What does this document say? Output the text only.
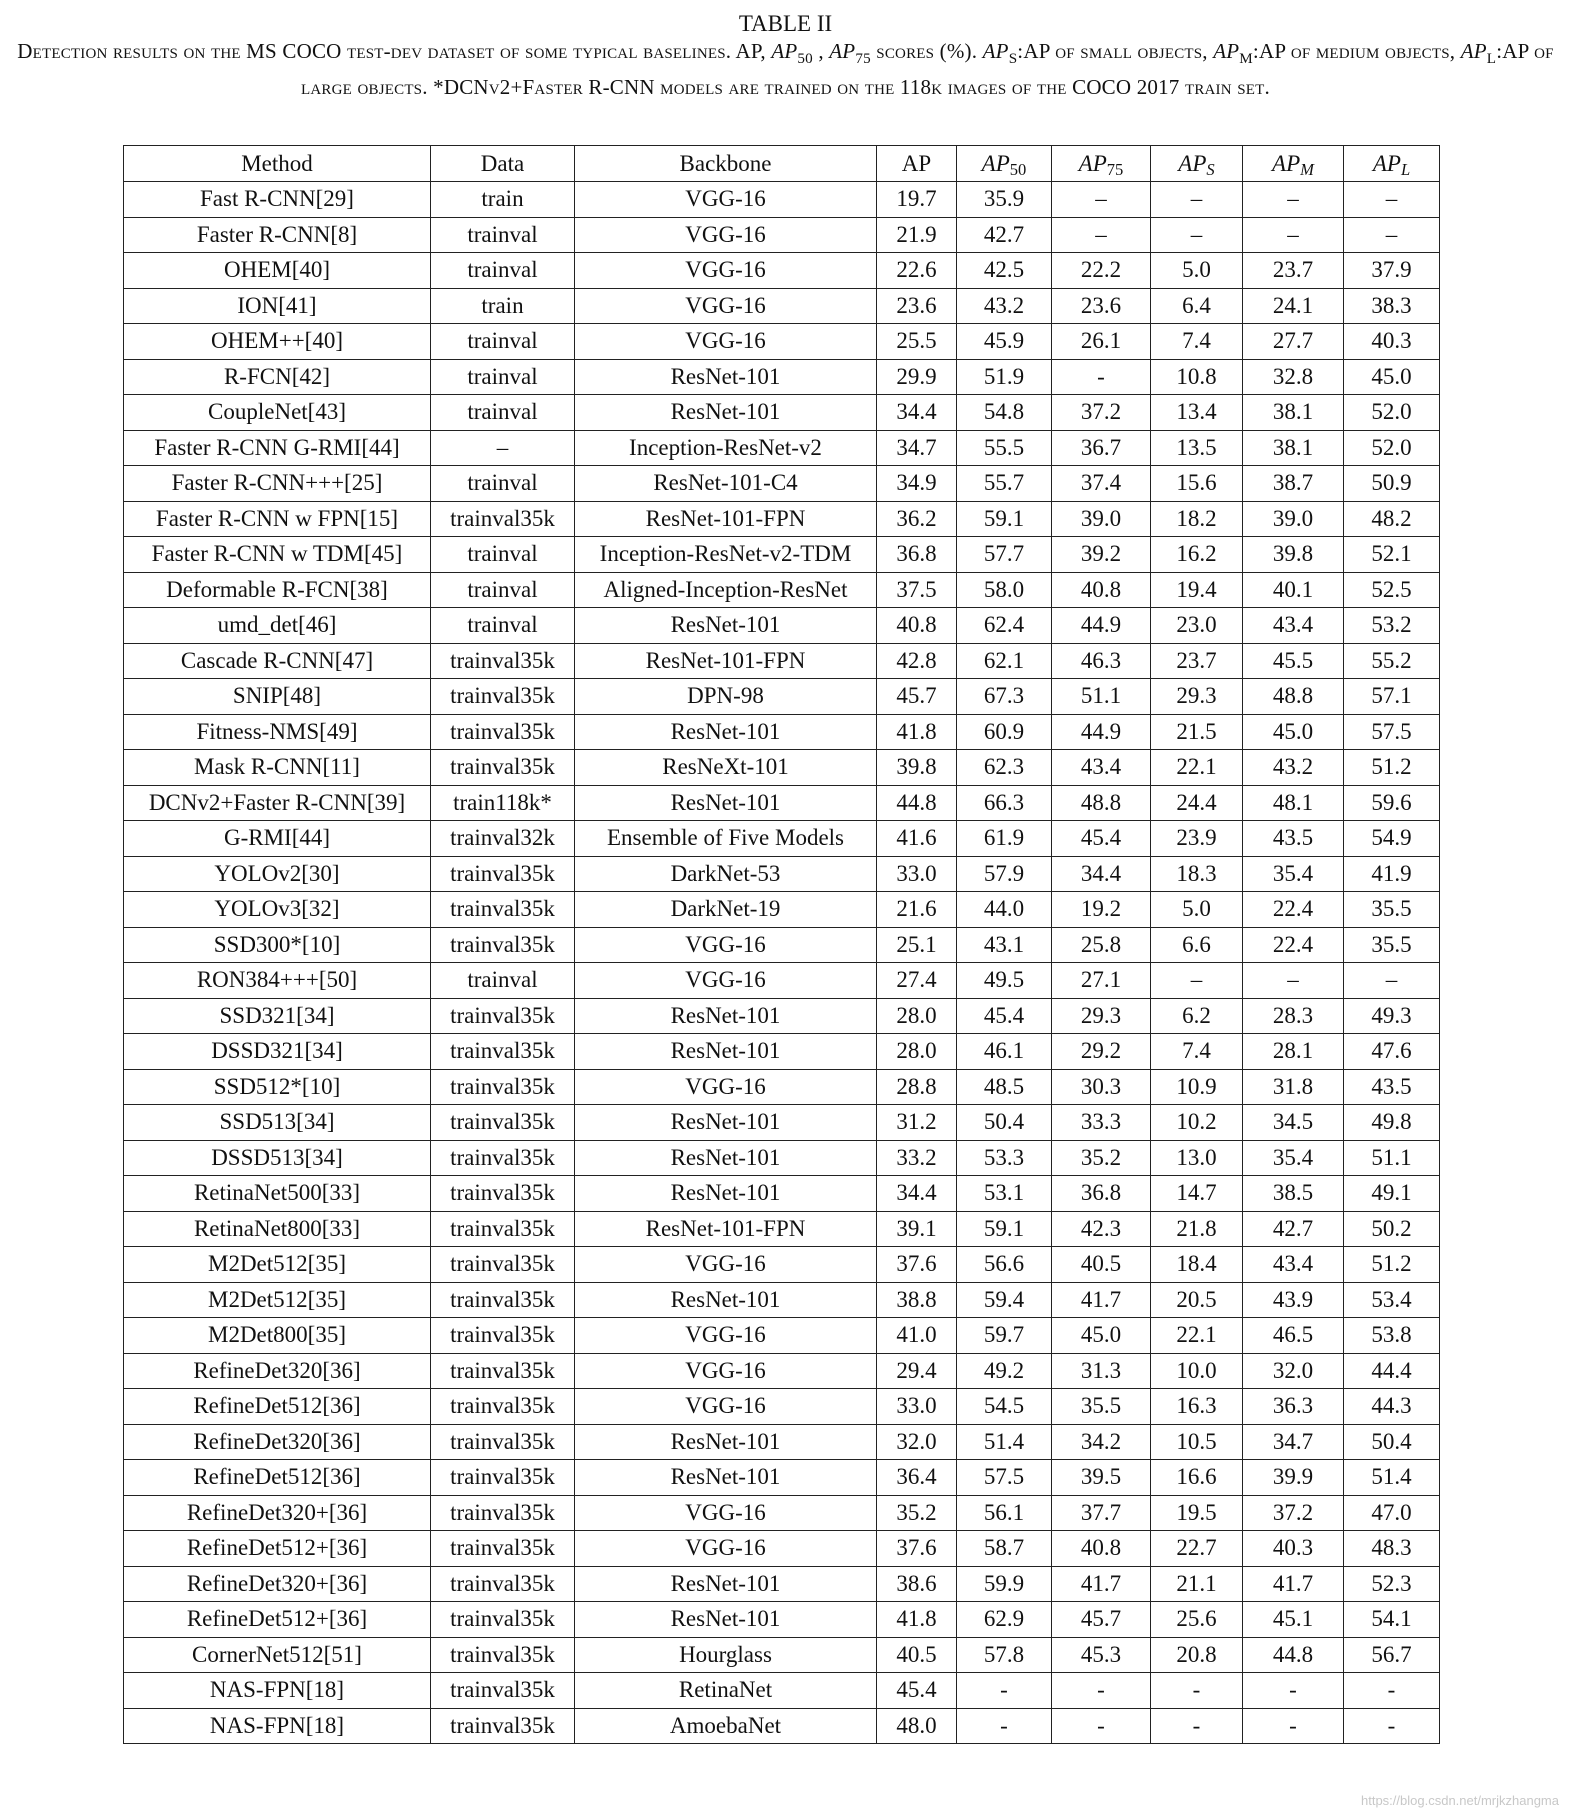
TABLE II
Detection results on the MS COCO test-dev dataset of some typical baselines. AP, $AP_{50}$ , $AP_{75}$ scores (%). $AP_S:AP$ of small objects, $AP_M:AP$ of medium objects, $AP_L:AP$ of large objects. *DCNv2+Faster R-CNN models are trained on the 118k images of the COCO 2017 train set.
Method	Data	Backbone	AP	$AP_{50}$	$AP_{75}$	$AP_S$	$AP_M$	$AP_L$
Fast R-CNN[29]	train	VGG-16	19.7	35.9	–	–	–	–
Faster R-CNN[8]	trainval	VGG-16	21.9	42.7	–	–	–	–
OHEM[40]	trainval	VGG-16	22.6	42.5	22.2	5.0	23.7	37.9
ION[41]	train	VGG-16	23.6	43.2	23.6	6.4	24.1	38.3
OHEM++[40]	trainval	VGG-16	25.5	45.9	26.1	7.4	27.7	40.3
R-FCN[42]	trainval	ResNet-101	29.9	51.9	-	10.8	32.8	45.0
CoupleNet[43]	trainval	ResNet-101	34.4	54.8	37.2	13.4	38.1	52.0
Faster R-CNN G-RMI[44]	–	Inception-ResNet-v2	34.7	55.5	36.7	13.5	38.1	52.0
Faster R-CNN+++[25]	trainval	ResNet-101-C4	34.9	55.7	37.4	15.6	38.7	50.9
Faster R-CNN w FPN[15]	trainval35k	ResNet-101-FPN	36.2	59.1	39.0	18.2	39.0	48.2
Faster R-CNN w TDM[45]	trainval	Inception-ResNet-v2-TDM	36.8	57.7	39.2	16.2	39.8	52.1
Deformable R-FCN[38]	trainval	Aligned-Inception-ResNet	37.5	58.0	40.8	19.4	40.1	52.5
umd_det[46]	trainval	ResNet-101	40.8	62.4	44.9	23.0	43.4	53.2
Cascade R-CNN[47]	trainval35k	ResNet-101-FPN	42.8	62.1	46.3	23.7	45.5	55.2
SNIP[48]	trainval35k	DPN-98	45.7	67.3	51.1	29.3	48.8	57.1
Fitness-NMS[49]	trainval35k	ResNet-101	41.8	60.9	44.9	21.5	45.0	57.5
Mask R-CNN[11]	trainval35k	ResNeXt-101	39.8	62.3	43.4	22.1	43.2	51.2
DCNv2+Faster R-CNN[39]	train118k*	ResNet-101	44.8	66.3	48.8	24.4	48.1	59.6
G-RMI[44]	trainval32k	Ensemble of Five Models	41.6	61.9	45.4	23.9	43.5	54.9
YOLOv2[30]	trainval35k	DarkNet-53	33.0	57.9	34.4	18.3	35.4	41.9
YOLOv3[32]	trainval35k	DarkNet-19	21.6	44.0	19.2	5.0	22.4	35.5
SSD300*[10]	trainval35k	VGG-16	25.1	43.1	25.8	6.6	22.4	35.5
RON384+++[50]	trainval	VGG-16	27.4	49.5	27.1	–	–	–
SSD321[34]	trainval35k	ResNet-101	28.0	45.4	29.3	6.2	28.3	49.3
DSSD321[34]	trainval35k	ResNet-101	28.0	46.1	29.2	7.4	28.1	47.6
SSD512*[10]	trainval35k	VGG-16	28.8	48.5	30.3	10.9	31.8	43.5
SSD513[34]	trainval35k	ResNet-101	31.2	50.4	33.3	10.2	34.5	49.8
DSSD513[34]	trainval35k	ResNet-101	33.2	53.3	35.2	13.0	35.4	51.1
RetinaNet500[33]	trainval35k	ResNet-101	34.4	53.1	36.8	14.7	38.5	49.1
RetinaNet800[33]	trainval35k	ResNet-101-FPN	39.1	59.1	42.3	21.8	42.7	50.2
M2Det512[35]	trainval35k	VGG-16	37.6	56.6	40.5	18.4	43.4	51.2
M2Det512[35]	trainval35k	ResNet-101	38.8	59.4	41.7	20.5	43.9	53.4
M2Det800[35]	trainval35k	VGG-16	41.0	59.7	45.0	22.1	46.5	53.8
RefineDet320[36]	trainval35k	VGG-16	29.4	49.2	31.3	10.0	32.0	44.4
RefineDet512[36]	trainval35k	VGG-16	33.0	54.5	35.5	16.3	36.3	44.3
RefineDet320[36]	trainval35k	ResNet-101	32.0	51.4	34.2	10.5	34.7	50.4
RefineDet512[36]	trainval35k	ResNet-101	36.4	57.5	39.5	16.6	39.9	51.4
RefineDet320+[36]	trainval35k	VGG-16	35.2	56.1	37.7	19.5	37.2	47.0
RefineDet512+[36]	trainval35k	VGG-16	37.6	58.7	40.8	22.7	40.3	48.3
RefineDet320+[36]	trainval35k	ResNet-101	38.6	59.9	41.7	21.1	41.7	52.3
RefineDet512+[36]	trainval35k	ResNet-101	41.8	62.9	45.7	25.6	45.1	54.1
CornerNet512[51]	trainval35k	Hourglass	40.5	57.8	45.3	20.8	44.8	56.7
NAS-FPN[18]	trainval35k	RetinaNet	45.4	-	-	-	-	-
NAS-FPN[18]	trainval35k	AmoebaNet	48.0	-	-	-	-	-
https://blog.csdn.net/mrjkzhangma
